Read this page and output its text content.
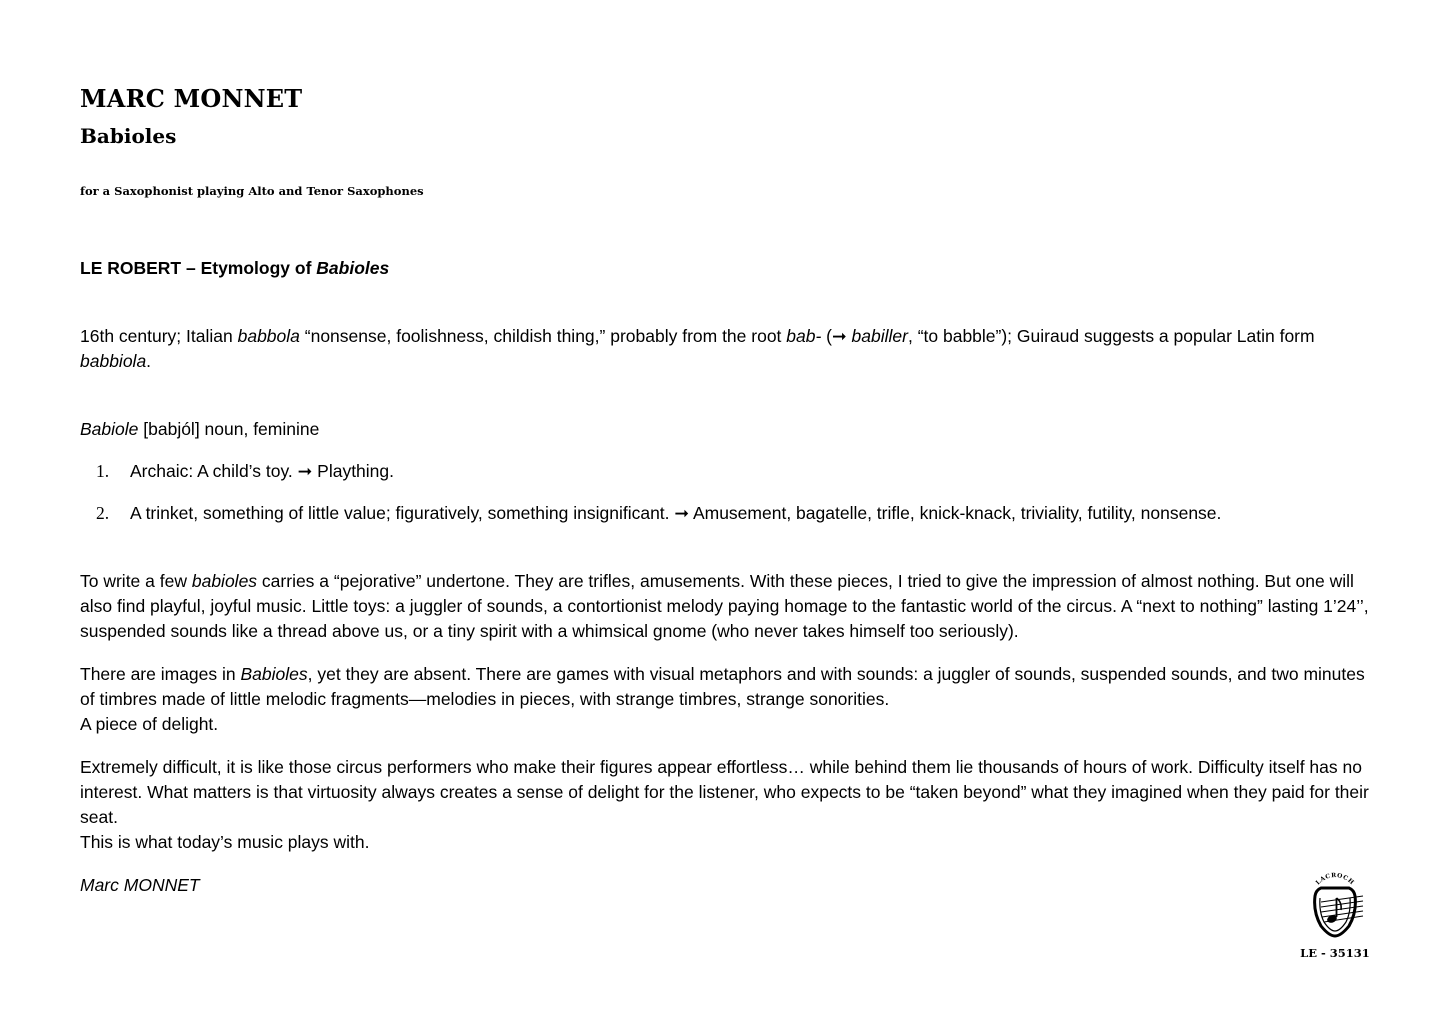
MARC MONNET
Babioles
for a Saxophonist playing Alto and Tenor Saxophones
LE ROBERT – Etymology of Babioles

16th century; Italian babbola “nonsense, foolishness, childish thing,” probably from the root bab- (➞ babiller, “to babble”); Guiraud suggests a popular Latin form babbiola.

Babiole [babjól] noun, feminine

1. Archaic: A child’s toy. ➞ Plaything.
2. A trinket, something of little value; figuratively, something insignificant. ➞ Amusement, bagatelle, trifle, knick-knack, triviality, futility, nonsense.

To write a few babioles carries a “pejorative” undertone. They are trifles, amusements. With these pieces, I tried to give the impression of almost nothing. But one will also find playful, joyful music. Little toys: a juggler of sounds, a contortionist melody paying homage to the fantastic world of the circus. A “next to nothing” lasting 1’24’’, suspended sounds like a thread above us, or a tiny spirit with a whimsical gnome (who never takes himself too seriously).

There are images in Babioles, yet they are absent. There are games with visual metaphors and with sounds: a juggler of sounds, suspended sounds, and two minutes of timbres made of little melodic fragments—melodies in pieces, with strange timbres, strange sonorities.
A piece of delight.

Extremely difficult, it is like those circus performers who make their figures appear effortless… while behind them lie thousands of hours of work. Difficulty itself has no interest. What matters is that virtuosity always creates a sense of delight for the listener, who expects to be “taken beyond” what they imagined when they paid for their seat.
This is what today’s music plays with.

Marc MONNET	LACROCH
LE - 35131
